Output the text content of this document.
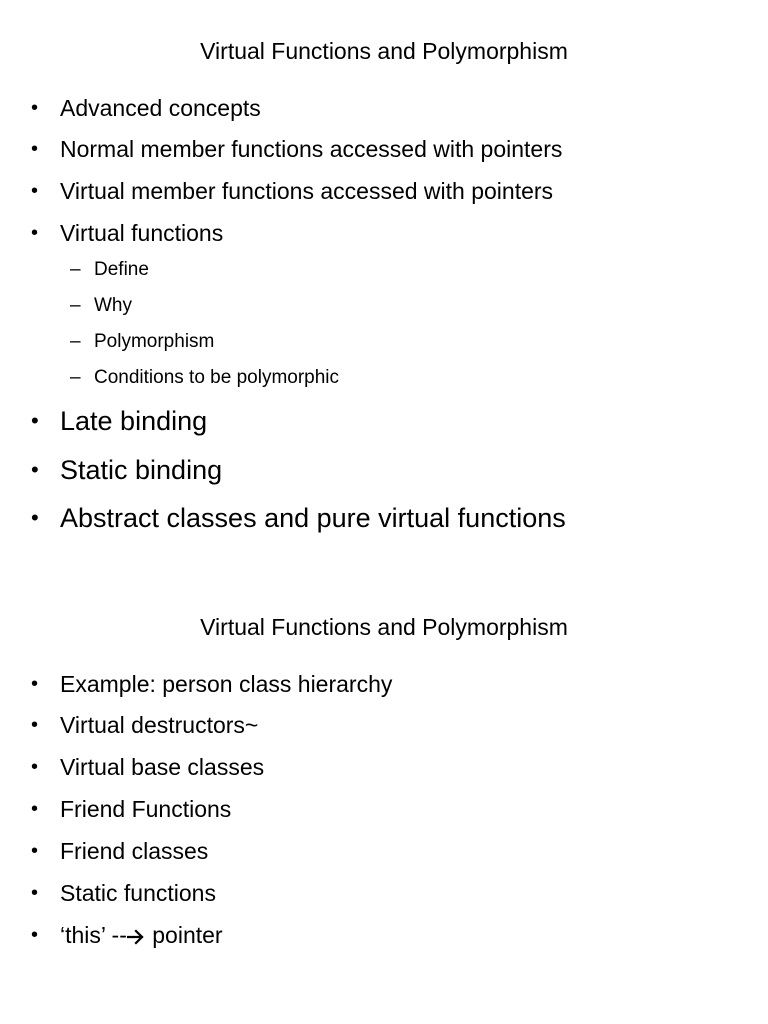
Virtual Functions and Polymorphism
• Advanced concepts
• Normal member functions accessed with pointers
• Virtual member functions accessed with pointers
• Virtual functions
– Define
– Why
– Polymorphism
– Conditions to be polymorphic
• Late binding
• Static binding
• Abstract classes and pure virtual functions
Virtual Functions and Polymorphism
• Example: person class hierarchy
• Virtual destructors~
• Virtual base classes
• Friend Functions
• Friend classes
• Static functions
• ‘this’ -- pointer
